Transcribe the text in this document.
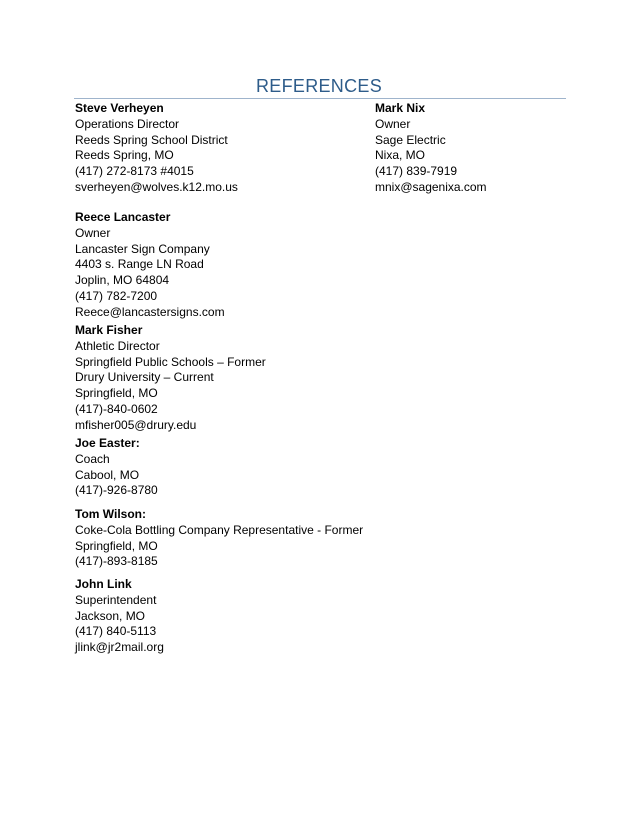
REFERENCES
Steve Verheyen
Operations Director
Reeds Spring School District
Reeds Spring, MO
(417) 272-8173 #4015
sverheyen@wolves.k12.mo.us
Mark Nix
Owner
Sage Electric
Nixa, MO
(417) 839-7919
mnix@sagenixa.com
Reece Lancaster
Owner
Lancaster Sign Company
4403 s. Range LN Road
Joplin, MO 64804
(417) 782-7200
Reece@lancastersigns.com
Mark Fisher
Athletic Director
Springfield Public Schools – Former
Drury University – Current
Springfield, MO
(417)-840-0602
mfisher005@drury.edu
Joe Easter:
Coach
Cabool, MO
(417)-926-8780
Tom Wilson:
Coke-Cola Bottling Company Representative - Former
Springfield, MO
(417)-893-8185
John Link
Superintendent
Jackson, MO
(417) 840-5113
jlink@jr2mail.org
